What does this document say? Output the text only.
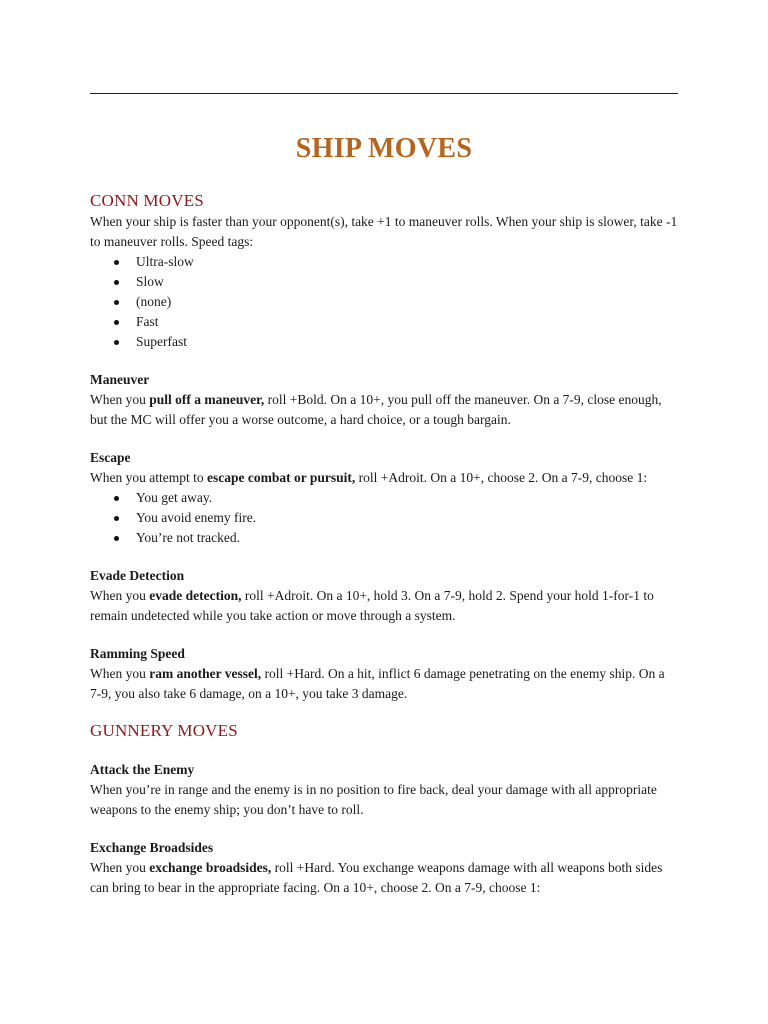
SHIP MOVES
CONN MOVES

When your ship is faster than your opponent(s), take +1 to maneuver rolls. When your ship is slower, take -1 to maneuver rolls. Speed tags:

Ultra-slow
Slow
(none)
Fast
Superfast
Maneuver

When you pull off a maneuver, roll +Bold. On a 10+, you pull off the maneuver. On a 7-9, close enough, but the MC will offer you a worse outcome, a hard choice, or a tough bargain.

Escape

When you attempt to escape combat or pursuit, roll +Adroit. On a 10+, choose 2. On a 7-9, choose 1:

You get away.
You avoid enemy fire.
You’re not tracked.
Evade Detection

When you evade detection, roll +Adroit. On a 10+, hold 3. On a 7-9, hold 2. Spend your hold 1-for-1 to remain undetected while you take action or move through a system.

Ramming Speed

When you ram another vessel, roll +Hard. On a hit, inflict 6 damage penetrating on the enemy ship. On a 7-9, you also take 6 damage, on a 10+, you take 3 damage.

GUNNERY MOVES
Attack the Enemy

When you’re in range and the enemy is in no position to fire back, deal your damage with all appropriate weapons to the enemy ship; you don’t have to roll.

Exchange Broadsides

When you exchange broadsides, roll +Hard. You exchange weapons damage with all weapons both sides can bring to bear in the appropriate facing. On a 10+, choose 2. On a 7-9, choose 1:
